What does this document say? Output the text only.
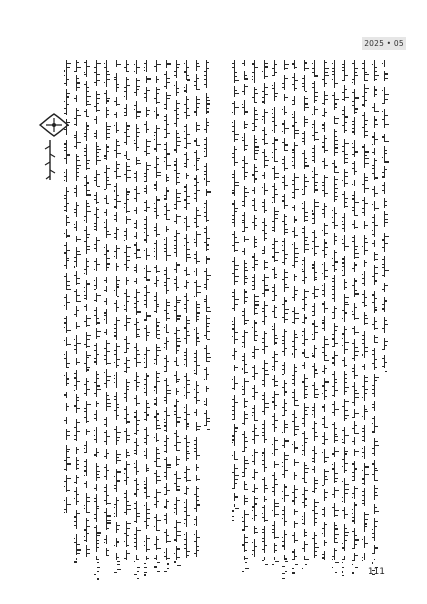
2025 • 05
111
